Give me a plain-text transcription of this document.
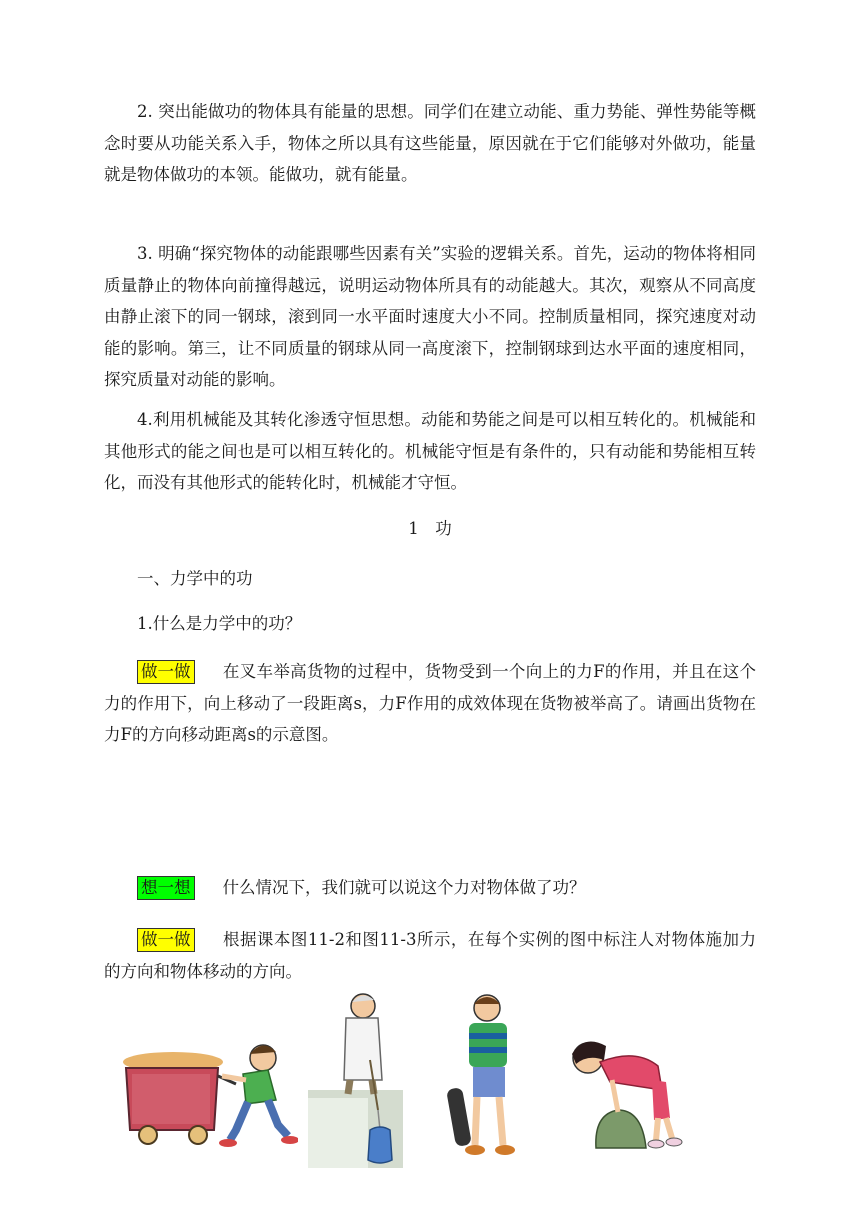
2. 突出能做功的物体具有能量的思想。同学们在建立动能、重力势能、弹性势能等概念时要从功能关系入手，物体之所以具有这些能量，原因就在于它们能够对外做功，能量就是物体做功的本领。能做功，就有能量。

3. 明确“探究物体的动能跟哪些因素有关”实验的逻辑关系。首先，运动的物体将相同质量静止的物体向前撞得越远，说明运动物体所具有的动能越大。其次，观察从不同高度由静止滚下的同一钢球，滚到同一水平面时速度大小不同。控制质量相同，探究速度对动能的影响。第三，让不同质量的钢球从同一高度滚下，控制钢球到达水平面的速度相同，探究质量对动能的影响。

4.利用机械能及其转化渗透守恒思想。动能和势能之间是可以相互转化的。机械能和其他形式的能之间也是可以相互转化的。机械能守恒是有条件的，只有动能和势能相互转化，而没有其他形式的能转化时，机械能才守恒。

1　功

一、力学中的功

1.什么是力学中的功？

做一做 在叉车举高货物的过程中，货物受到一个向上的力F的作用，并且在这个力的作用下，向上移动了一段距离s，力F作用的成效体现在货物被举高了。请画出货物在力F的方向移动距离s的示意图。

想一想 什么情况下，我们就可以说这个力对物体做了功？

做一做 根据课本图11-2和图11-3所示，在每个实例的图中标注人对物体施加力的方向和物体移动的方向。
